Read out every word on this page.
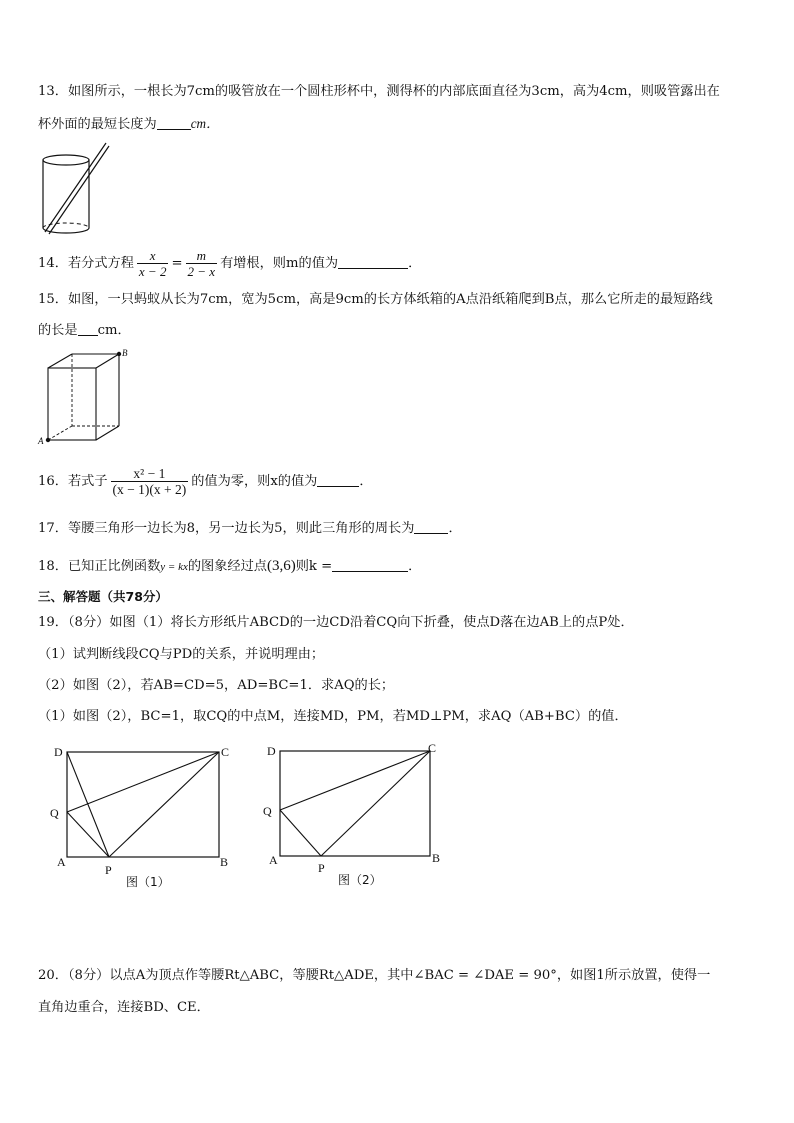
13．如图所示，一根长为7cm的吸管放在一个圆柱形杯中，测得杯的内部底面直径为3cm，高为4cm，则吸管露出在
杯外面的最短长度为	cm．
14．若分式方程 $\frac{x}{x - 2} = \frac{m}{2 - x}$ 有增根，则m的值为	．
15．如图，一只蚂蚁从长为7cm，宽为5cm，高是9cm的长方体纸箱的A点沿纸箱爬到B点，那么它所走的最短路线
的长是 cm．
A
B
16．若式子 $\frac{\text{x² − 1}}{(x - 1)(x + 2)}$ 的值为零，则x的值为	．
17．等腰三角形一边长为8，另一边长为5，则此三角形的周长为	．
18．已知正比例函数y = kx的图象经过点(3,6)则k =	．
三、解答题（共78分）
19．（8分）如图（1）将长方形纸片ABCD的一边CD沿着CQ向下折叠，使点D落在边AB上的点P处．
（1）试判断线段CQ与PD的关系，并说明理由；
（2）如图（2），若AB=CD=5，AD=BC=1．求AQ的长；
（1）如图（2），BC=1，取CQ的中点M，连接MD，PM，若MD⊥PM，求AQ（AB+BC）的值．
D	C
Q
A
P
B
图（1）
D	C
Q
A
P
B
图（2）
20．（8分）以点A为顶点作等腰Rt△ABC，等腰Rt△ADE，其中∠BAC = ∠DAE = 90°，如图1所示放置，使得一
直角边重合，连接BD、CE．
